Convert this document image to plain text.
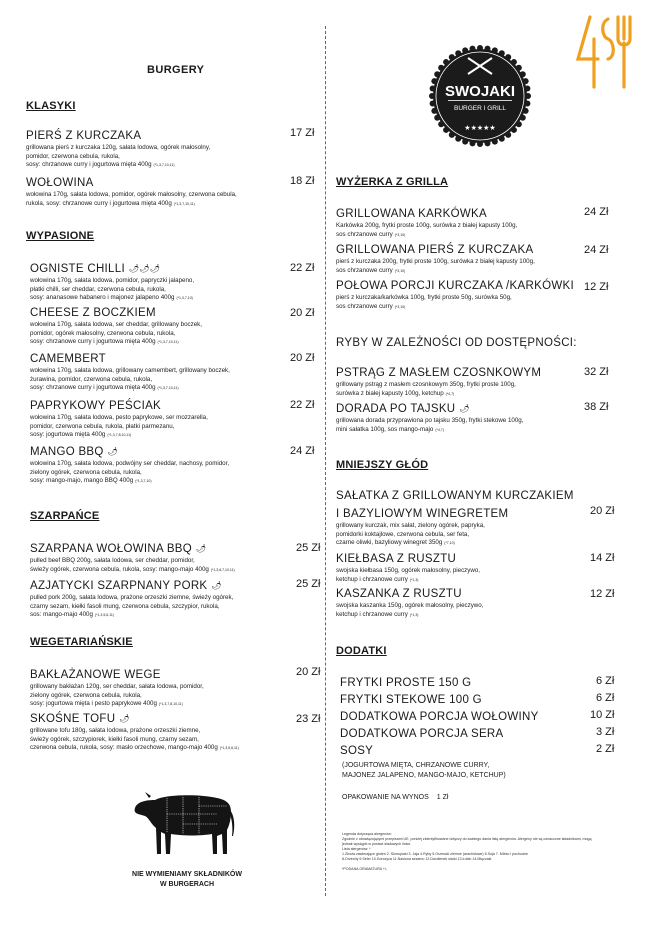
SWOJAKI
BURGER I GRILL
★★★★★
BURGERY
KLASYKI
PIERŚ Z KURCZAKA	17 Zł
grillowana pierś z kurczaka 120g, sałata lodowa, ogórek małosolny,
pomidor, czerwona cebula, rukola,
sosy: chrzanowe curry i jogurtowa mięta 400g (*1,3,7,10,11)
WOŁOWINA	18 Zł
wołowina 170g, sałata lodowa, pomidor, ogórek małosolny, czerwona cebula,
rukola, sosy: chrzanowe curry i jogurtowa mięta 400g (*1,3,7,10,11)
WYPASIONE
OGNISTE CHILLI 🌶🌶🌶	22 Zł
wołowina 170g, sałata lodowa, pomidor, papryczki jalapeno,
płatki chilli, ser cheddar, czerwona cebula, rukola,
sosy: ananasowe habanero i majonez jalapeno 400g (*1,3,7,10)
CHEESE Z BOCZKIEM	20 Zł
wołowina 170g, sałata lodowa, ser cheddar, grillowany boczek,
pomidor, ogórek małosolny, czerwona cebula, rukola,
sosy: chrzanowe curry i jogurtowa mięta 400g (*1,3,7,10,11)
CAMEMBERT	20 Zł
wołowina 170g, sałata lodowa, grillowany camembert, grillowany boczek,
żurawina, pomidor, czerwona cebula, rukola,
sosy: chrzanowe curry i jogurtowa mięta 400g (*1,3,7,10,11)
PAPRYKOWY PEŚCIAK	22 Zł
wołowina 170g, sałata lodowa, pesto paprykowe, ser mozzarella,
pomidor, czerwona cebula, rukola, płatki parmezanu,
sosy: jogurtowa mięta 400g (*1,3,7,8,10,11)
MANGO BBQ 🌶	24 Zł
wołowina 170g, sałata lodowa, podwójny ser cheddar, nachosy, pomidor,
zielony ogórek, czerwona cebula, rukola,
sosy: mango-majo, mango BBQ 400g (*1,3,7,10)
SZARPAŃCE
SZARPANA WOŁOWINA BBQ 🌶	25 Zł
pulled beef BBQ 200g, sałata lodowa, ser cheddar, pomidor,
świeży ogórek, czerwona cebula, rukola, sosy: mango-majo 400g (*1,3,6,7,10,11)
AZJATYCKI SZARPNANY PORK 🌶	25 Zł
pulled pork 200g, sałata lodowa, prażone orzeszki ziemne, świeży ogórek,
czarny sezam, kiełki fasoli mung, czerwona cebula, szczypior, rukola,
sos: mango-majo 400g (*1,3,5,6,11)
WEGETARIAŃSKIE
BAKŁAŻANOWE WEGE	20 Zł
grillowany bakłażan 120g, ser cheddar, sałata lodowa, pomidor,
zielony ogórek, czerwona cebula, rukola,
sosy: jogurtowa mięta i pesto paprykowe 400g (*1,3,7,8,10,11)
SKOŚNE TOFU 🌶	23 Zł
grillowane tofu 180g, sałata lodowa, prażone orzeszki ziemne,
świeży ogórek, szczypiorek, kiełki fasoli mung, czarny sezam,
czerwona cebula, rukola, sosy: masło orzechowe, mango-majo 400g (*1,3,5,6,11)
NIE WYMIENIAMY SKŁADNIKÓW
W BURGERACH
WYŻERKA Z GRILLA
GRILLOWANA KARKÓWKA	24 Zł
Karkówka 200g, frytki proste 100g, surówka z białej kapusty 100g,
sos chrzanowe curry (*3,10)
GRILLOWANA PIERŚ Z KURCZAKA	24 Zł
pierś z kurczaka 200g, frytki proste 100g, surówka z białej kapusty 100g,
sos chrzanowe curry (*3,10)
POŁOWA PORCJI KURCZAKA /KARKÓWKI 12 Zł
pierś z kurczaka/karkówka 100g, frytki proste 50g, surówka 50g,
sos chrzanowe curry (*3,10)
RYBY W ZALEŻNOŚCI OD DOSTĘPNOŚCI:
PSTRĄG Z MASŁEM CZOSNKOWYM	32 Zł
grillowany pstrąg z masłem czosnkowym 350g, frytki proste 100g,
surówka z białej kapusty 100g, ketchup (*4,7)
DORADA PO TAJSKU 🌶	38 Zł
grillowana dorada przyprawiona po tajsku 350g, frytki stekowe 100g,
mini sałatka 100g, sos mango-majo (*4,7)
MNIEJSZY GŁÓD
SAŁATKA Z GRILLOWANYM KURCZAKIEM
I BAZYLIOWYM WINEGRETEM	20 Zł
grillowany kurczak, mix sałat, zielony ogórek, papryka,
pomidorki koktajlowe, czerwona cebula, ser feta,
czarne oliwki, bazyliowy winegret 350g (*7,10)
KIEŁBASA Z RUSZTU	14 Zł
swojska kiełbasa 150g, ogórek małosolny, pieczywo,
ketchup i chrzanowe curry (*1,3)
KASZANKA Z RUSZTU	12 Zł
swojska kaszanka 150g, ogórek małosolny, pieczywo,
ketchup i chrzanowe curry (*1,3)
DODATKI
FRYTKI PROSTE 150 G	6 Zł
FRYTKI STEKOWE 100 G	6 Zł
DODATKOWA PORCJA WOŁOWINY	10 Zł
DODATKOWA PORCJA SERA	3 Zł
SOSY	2 Zł
(JOGURTOWA MIĘTA, CHRZANOWE CURRY,
MAJONEZ JALAPENO, MANGO-MAJO, KETCHUP)
OPAKOWANIE NA WYNOS 1 Zł
Legenda dotycząca alergenów:
Zgodnie z obowiązującymi przepisami UE, poniżej zidentyfikowane dotyczy do każdego dania listę alergenów. Alergeny nie są oznaczone składnikami, mogą
jednak wystąpić w postaci śladowych ilości.
Lista alergenów: *
1.Zboża zawierające gluten 2. Skorupiaki 3. Jaja 4.Ryby 5.Orzeszki ziemne (arachidowe) 6.Soja 7. Mleko i pochodne
8.Orzechy 9.Seler 10.Gorczyca 11.Nasiona sezamu 12.Dwutlenek siarki 13.Łubin 14.Mięczaki
*PODANA GRAMATURA +/-
